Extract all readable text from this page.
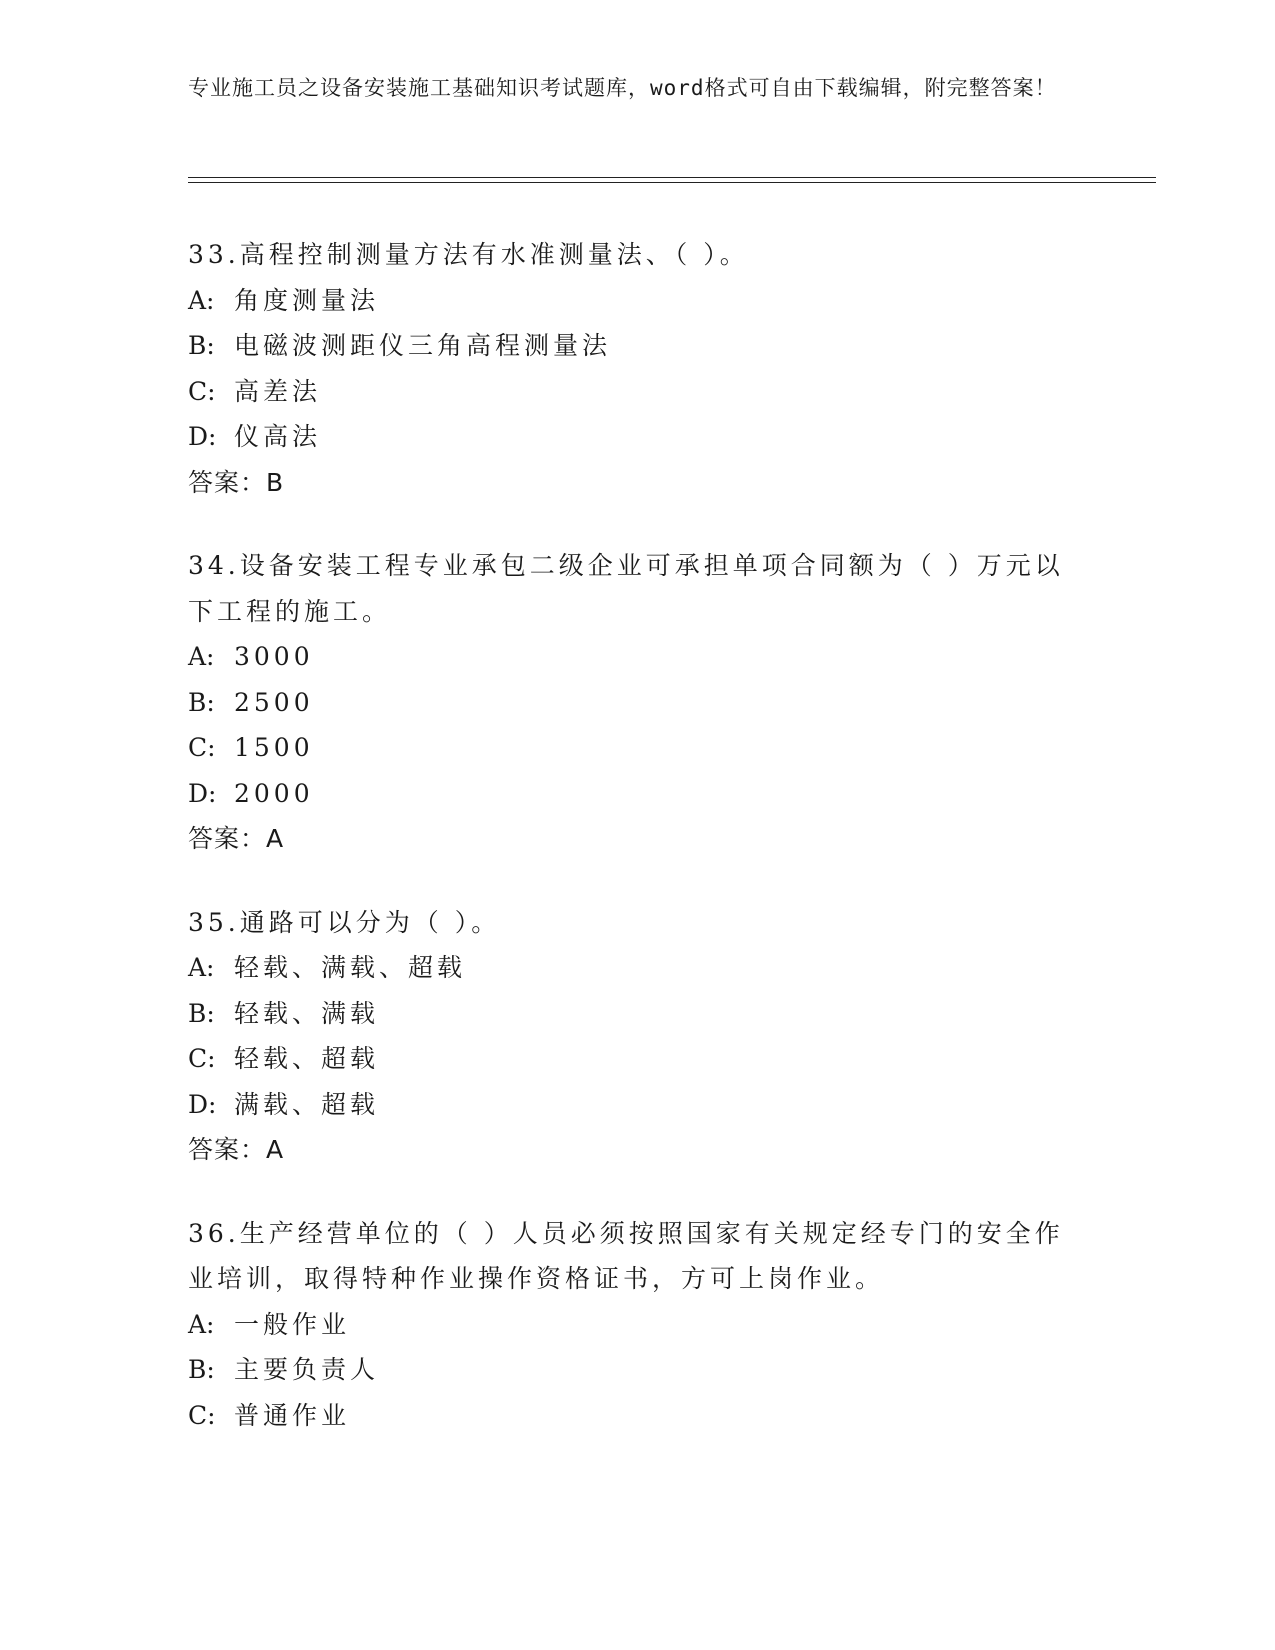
专业施工员之设备安装施工基础知识考试题库，word格式可自由下载编辑，附完整答案！
33.高程控制测量方法有水准测量法、（ ）。
A: 角度测量法
B: 电磁波测距仪三角高程测量法
C: 高差法
D: 仪高法
答案：B
34.设备安装工程专业承包二级企业可承担单项合同额为（ ）万元以下工程的施工。
A: 3000
B: 2500
C: 1500
D: 2000
答案：A
35.通路可以分为（ ）。
A: 轻载、满载、超载
B: 轻载、满载
C: 轻载、超载
D: 满载、超载
答案：A
36.生产经营单位的（ ）人员必须按照国家有关规定经专门的安全作业培训，取得特种作业操作资格证书，方可上岗作业。
A: 一般作业
B: 主要负责人
C: 普通作业
